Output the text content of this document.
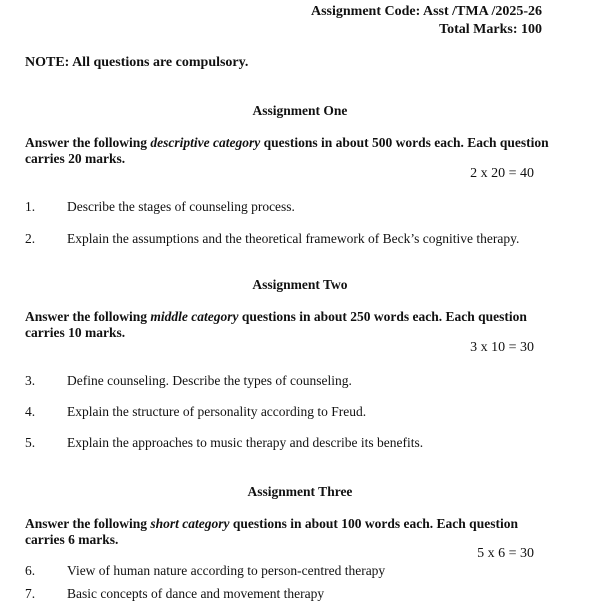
Assignment Code: Asst /TMA /2025-26
Total Marks: 100
NOTE: All questions are compulsory.
Assignment One
Answer the following descriptive category questions in about 500 words each. Each question carries 20 marks.
2 x 20 = 40
1. Describe the stages of counseling process.
2. Explain the assumptions and the theoretical framework of Beck’s cognitive therapy.
Assignment Two
Answer the following middle category questions in about 250 words each. Each question carries 10 marks.
3 x 10 = 30
3. Define counseling. Describe the types of counseling.
4. Explain the structure of personality according to Freud.
5. Explain the approaches to music therapy and describe its benefits.
Assignment Three
Answer the following short category questions in about 100 words each. Each question carries 6 marks.
5 x 6 = 30
6. View of human nature according to person-centred therapy
7. Basic concepts of dance and movement therapy
